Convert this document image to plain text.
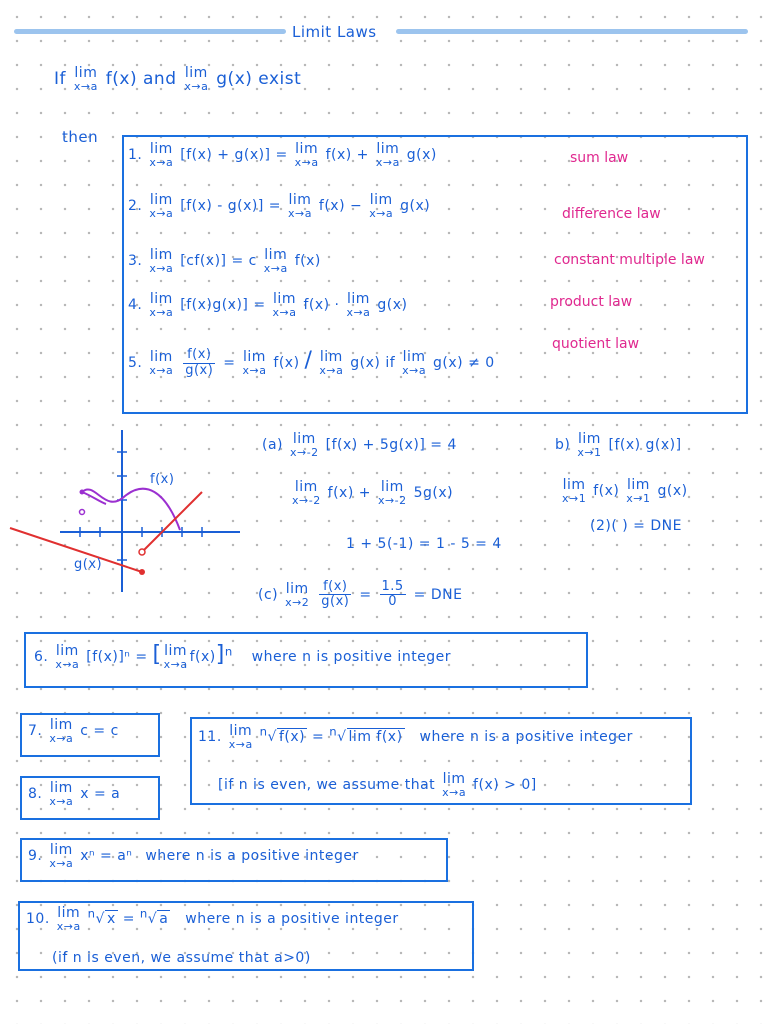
Limit Laws
If lim
x→a f(x) and lim
x→a g(x) exist
then
1. lim
x→a [f(x) + g(x)] = lim
x→a f(x) + lim
x→a g(x)	sum law
2. lim
x→a [f(x) - g(x)] = lim
x→a f(x) − lim
x→a g(x)	difference law
3. lim
x→a [cf(x)] = c lim
x→a f(x)	constant multiple law
4. lim
x→a [f(x)g(x)] = lim
x→a f(x) · lim
x→a g(x)	product law
quotient law
5. lim
x→a
$\frac{f(x)}{g(x)} = \lim$
x→a f(x) / lim
x→a g(x) if lim
x→a g(x) ≠ 0
f(x)
g(x)
(a) lim
x→-2 [f(x) + 5g(x)] = 4
lim
x→-2 f(x) + lim
x→-2 5g(x)
1 + 5(-1) = 1 - 5 = 4
b) lim
x→1 [f(x) g(x)]
lim
x→1 f(x) lim
x→1 g(x)
(2)( ) = DNE
(c) lim
x→2
$\frac{f(x)}{g(x)} = \frac{1.5}{0}$ = DNE
6. lim
x→a [f(x)]ⁿ = [ lim
x→a f(x)]$^n$ where n is positive integer
7. lim
x→a c = c
8. lim
x→a x = a
11. lim
x→a
$^n$√ f(x) = $^n$√ lim f(x) where n is a positive integer
[if n is even, we assume that lim
x→a f(x) > 0]
9. lim
x→a xⁿ = aⁿ where n is a positive integer
10. lim
x→a
$^n$√ x = $^n$√ a where n is a positive integer
(if n is even, we assume that a>0)
